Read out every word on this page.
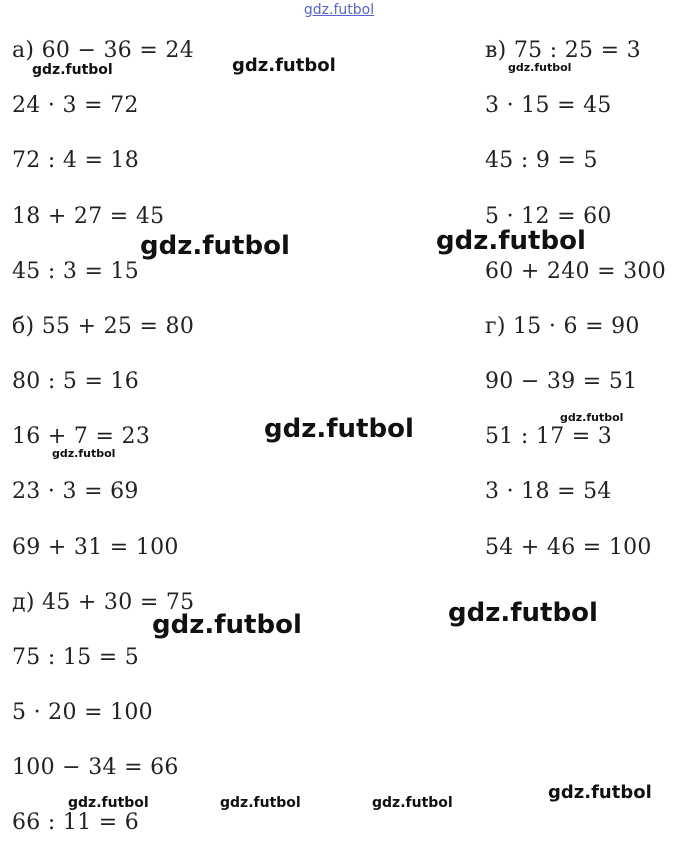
gdz.futbol
а) 60 − 36 = 24
24 · 3 = 72
72 : 4 = 18
18 + 27 = 45
45 : 3 = 15
б) 55 + 25 = 80
80 : 5 = 16
16 + 7 = 23
23 · 3 = 69
69 + 31 = 100
д) 45 + 30 = 75
75 : 15 = 5
5 · 20 = 100
100 − 34 = 66
66 : 11 = 6
в) 75 : 25 = 3
3 · 15 = 45
45 : 9 = 5
5 · 12 = 60
60 + 240 = 300
г) 15 · 6 = 90
90 − 39 = 51
51 : 17 = 3
3 · 18 = 54
54 + 46 = 100
gdz.futbol	gdz.futbol	gdz.futbol
gdz.futbol	gdz.futbol
gdz.futbol
gdz.futbol
gdz.futbol
gdz.futbol	gdz.futbol
gdz.futbol	gdz.futbol	gdz.futbol	gdz.futbol
